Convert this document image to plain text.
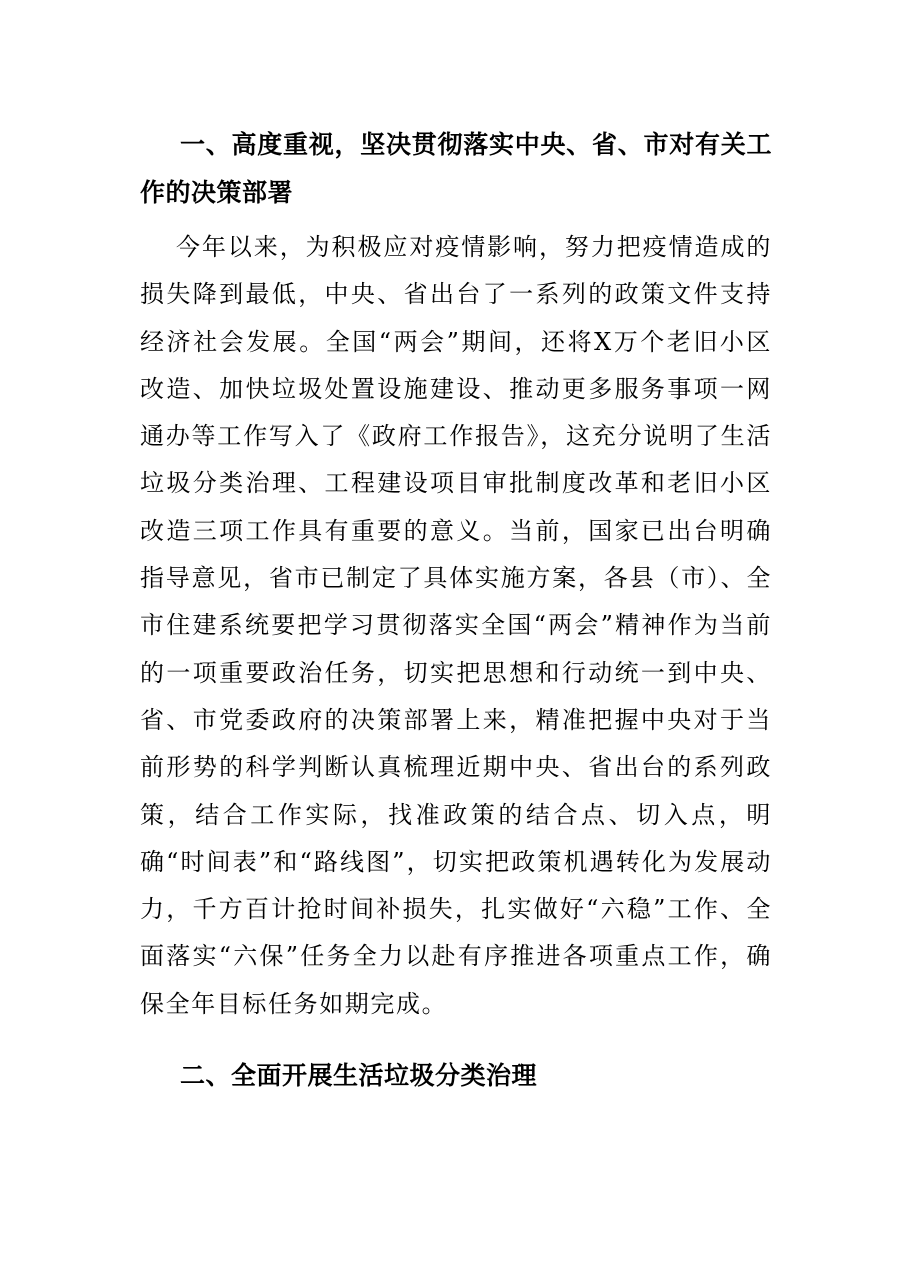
一、高度重视，坚决贯彻落实中央、省、市对有关工作的决策部署

今年以来，为积极应对疫情影响，努力把疫情造成的损失降到最低，中央、省出台了一系列的政策文件支持经济社会发展。全国“两会”期间，还将X万个老旧小区改造、加快垃圾处置设施建设、推动更多服务事项一网通办等工作写入了《政府工作报告》，这充分说明了生活垃圾分类治理、工程建设项目审批制度改革和老旧小区改造三项工作具有重要的意义。当前，国家已出台明确指导意见，省市已制定了具体实施方案，各县（市）、全市住建系统要把学习贯彻落实全国“两会”精神作为当前的一项重要政治任务，切实把思想和行动统一到中央、省、市党委政府的决策部署上来，精准把握中央对于当前形势的科学判断认真梳理近期中央、省出台的系列政策，结合工作实际，找准政策的结合点、切入点，明确“时间表”和“路线图”，切实把政策机遇转化为发展动力，千方百计抢时间补损失，扎实做好“六稳”工作、全面落实“六保”任务全力以赴有序推进各项重点工作，确保全年目标任务如期完成。

二、全面开展生活垃圾分类治理
